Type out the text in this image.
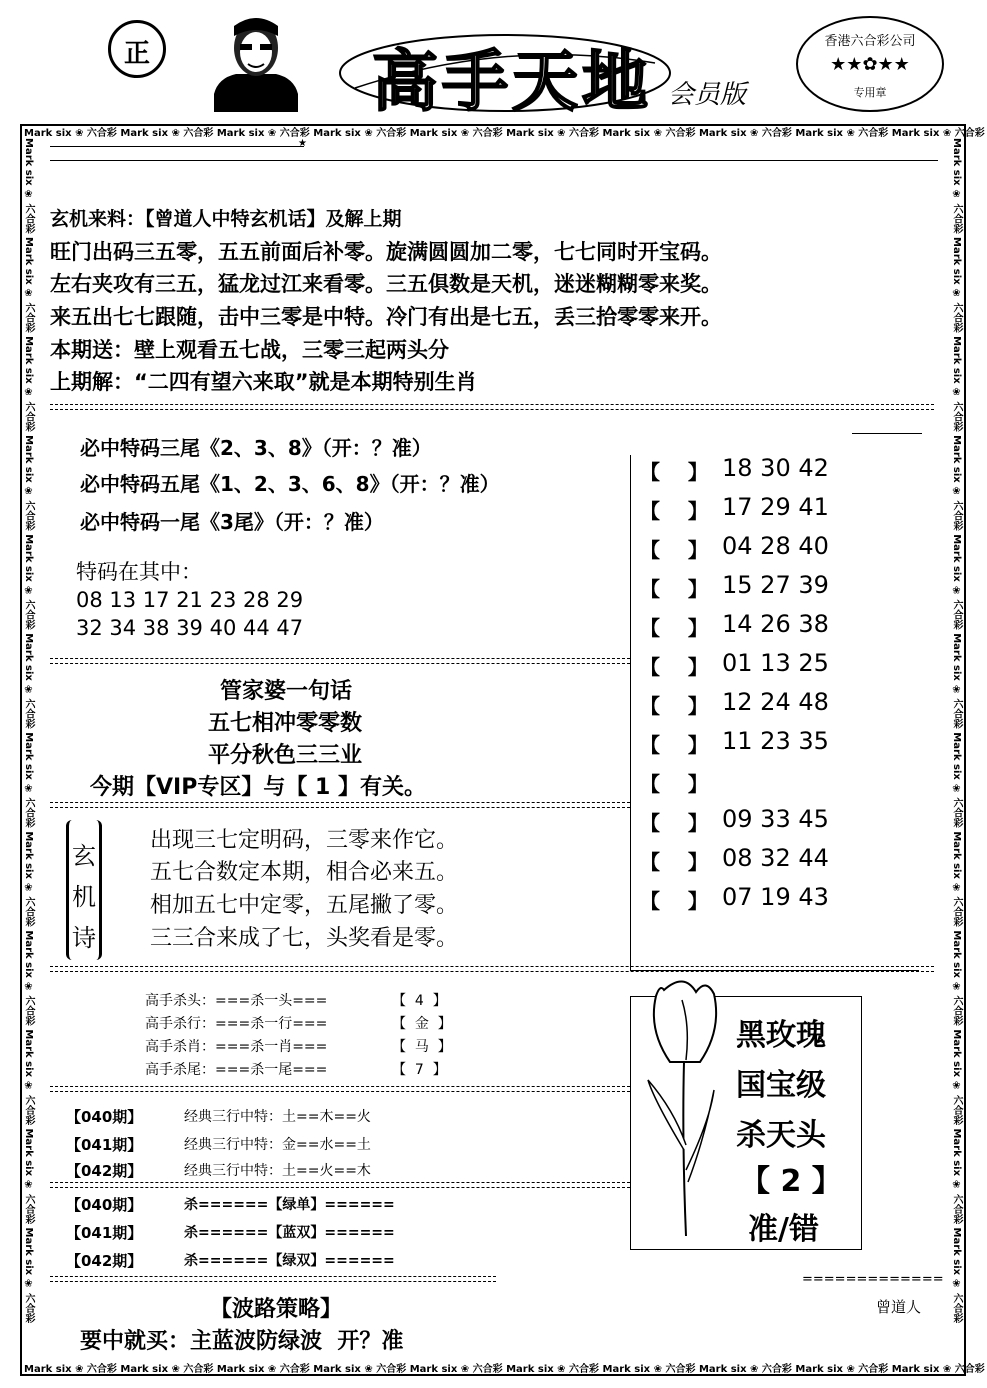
正	高手天地 会员版
香港六合彩公司
★★✿★★
专用章
Mark six ❀ 六合彩 Mark six ❀ 六合彩 Mark six ❀ 六合彩 Mark six ❀ 六合彩 Mark six ❀ 六合彩 Mark six ❀ 六合彩 Mark six ❀ 六合彩 Mark six ❀ 六合彩 Mark six ❀ 六合彩 Mark six ❀ 六合彩
Mark six ❀ 六合彩 Mark six ❀ 六合彩 Mark six ❀ 六合彩 Mark six ❀ 六合彩 Mark six ❀ 六合彩 Mark six ❀ 六合彩 Mark six ❀ 六合彩 Mark six ❀ 六合彩 Mark six ❀ 六合彩 Mark six ❀ 六合彩
Mark six ❀ 六合彩 Mark six ❀ 六合彩 Mark six ❀ 六合彩 Mark six ❀ 六合彩 Mark six ❀ 六合彩 Mark six ❀ 六合彩 Mark six ❀ 六合彩 Mark six ❀ 六合彩 Mark six ❀ 六合彩 Mark six ❀ 六合彩 Mark six ❀ 六合彩 Mark six ❀ 六合彩
Mark six ❀ 六合彩 Mark six ❀ 六合彩 Mark six ❀ 六合彩 Mark six ❀ 六合彩 Mark six ❀ 六合彩 Mark six ❀ 六合彩 Mark six ❀ 六合彩 Mark six ❀ 六合彩 Mark six ❀ 六合彩 Mark six ❀ 六合彩 Mark six ❀ 六合彩 Mark six ❀ 六合彩
★
玄机来料：【曾道人中特玄机话】及解上期
旺门出码三五零，五五前面后补零。旋满圆圆加二零，七七同时开宝码。
左右夹攻有三五，猛龙过江来看零。三五倶数是天机，迷迷糊糊零来奖。
来五出七七跟随，击中三零是中特。冷门有出是七五，丢三拾零零来开。
本期送：壁上观看五七战，三零三起两头分
上期解：“二四有望六来取”就是本期特别生肖
必中特码三尾《2、3、8》（开：？准）
必中特码五尾《1、2、3、6、8》（开：？准）
必中特码一尾《3尾》（开：？准）
特码在其中：
08 13 17 21 23 28 29
32 34 38 39 40 44 47
【    】 18 30 42
【    】 17 29 41
【    】 04 28 40
【    】 15 27 39
【    】 14 26 38
【    】 01 13 25
【    】 12 24 48
【    】 11 23 35
【    】
【    】 09 33 45
【    】 08 32 44
【    】 07 19 43
管家婆一句话
五七相冲零零数
平分秋色三三业
今期【VIP专区】与【 1 】有关。
玄
机
诗
出现三七定明码，三零来作它。
五七合数定本期，相合必来五。
相加五七中定零，五尾撇了零。
三三合来成了七，头奖看是零。
高手杀头：===杀一头===	【  4  】
高手杀行：===杀一行===	【  金  】
高手杀肖：===杀一肖===	【  马  】
高手杀尾：===杀一尾===	【  7  】
黑玫瑰
国宝级
杀天头
【 2 】
准/错
【040期】	经典三行中特：土==木==火
【041期】	经典三行中特：金==水==土
【042期】	经典三行中特：土==火==木
【040期】	杀======【绿单】======
【041期】	杀======【蓝双】======
【042期】	杀======【绿双】======
=============
【波路策略】
要中就买：主蓝波防绿波  开？准
曾道人
